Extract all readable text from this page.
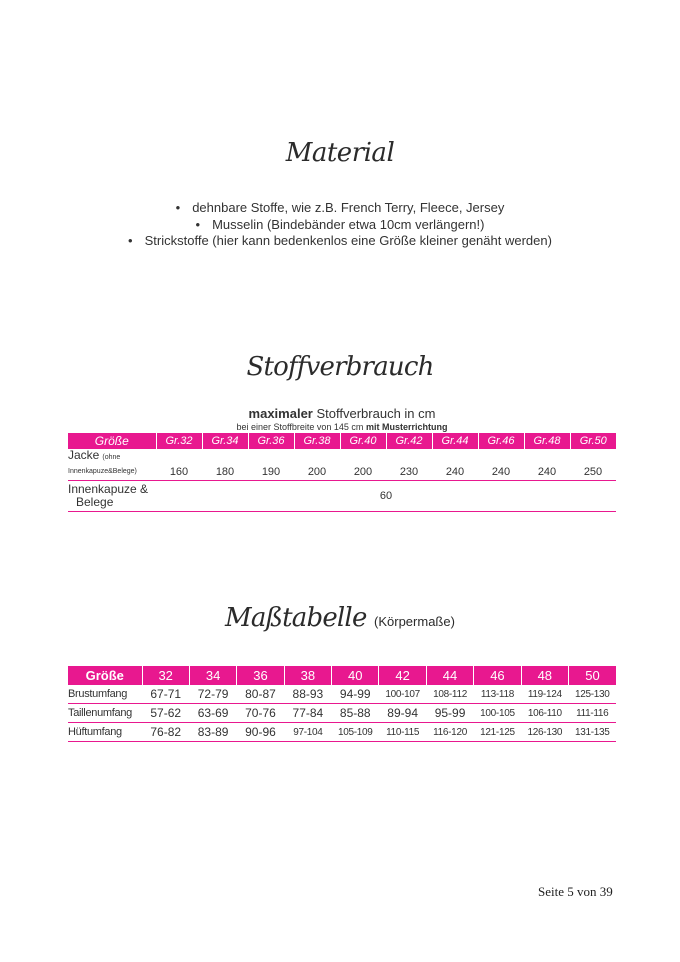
Material
• dehnbare Stoffe, wie z.B. French Terry, Fleece, Jersey
• Musselin (Bindebänder etwa 10cm verlängern!)
• Strickstoffe (hier kann bedenkenlos eine Größe kleiner genäht werden)
Stoffverbrauch
maximaler Stoffverbrauch in cm
bei einer Stoffbreite von 145 cm mit Musterrichtung
Größe	Gr.32	Gr.34	Gr.36	Gr.38	Gr.40	Gr.42	Gr.44	Gr.46	Gr.48	Gr.50
Jacke (ohne
Innenkapuze&Belege)	160	180	190	200	200	230	240	240	240	250
Innenkapuze &
Belege	60									
Maßtabelle (Körpermaße)
Größe	32	34	36	38	40	42	44	46	48	50
Brustumfang	67-71	72-79	80-87	88-93	94-99	100-107	108-112	113-118	119-124	125-130
Taillenumfang	57-62	63-69	70-76	77-84	85-88	89-94	95-99	100-105	106-110	111-116
Hüftumfang	76-82	83-89	90-96	97-104	105-109	110-115	116-120	121-125	126-130	131-135
Seite 5 von 39
